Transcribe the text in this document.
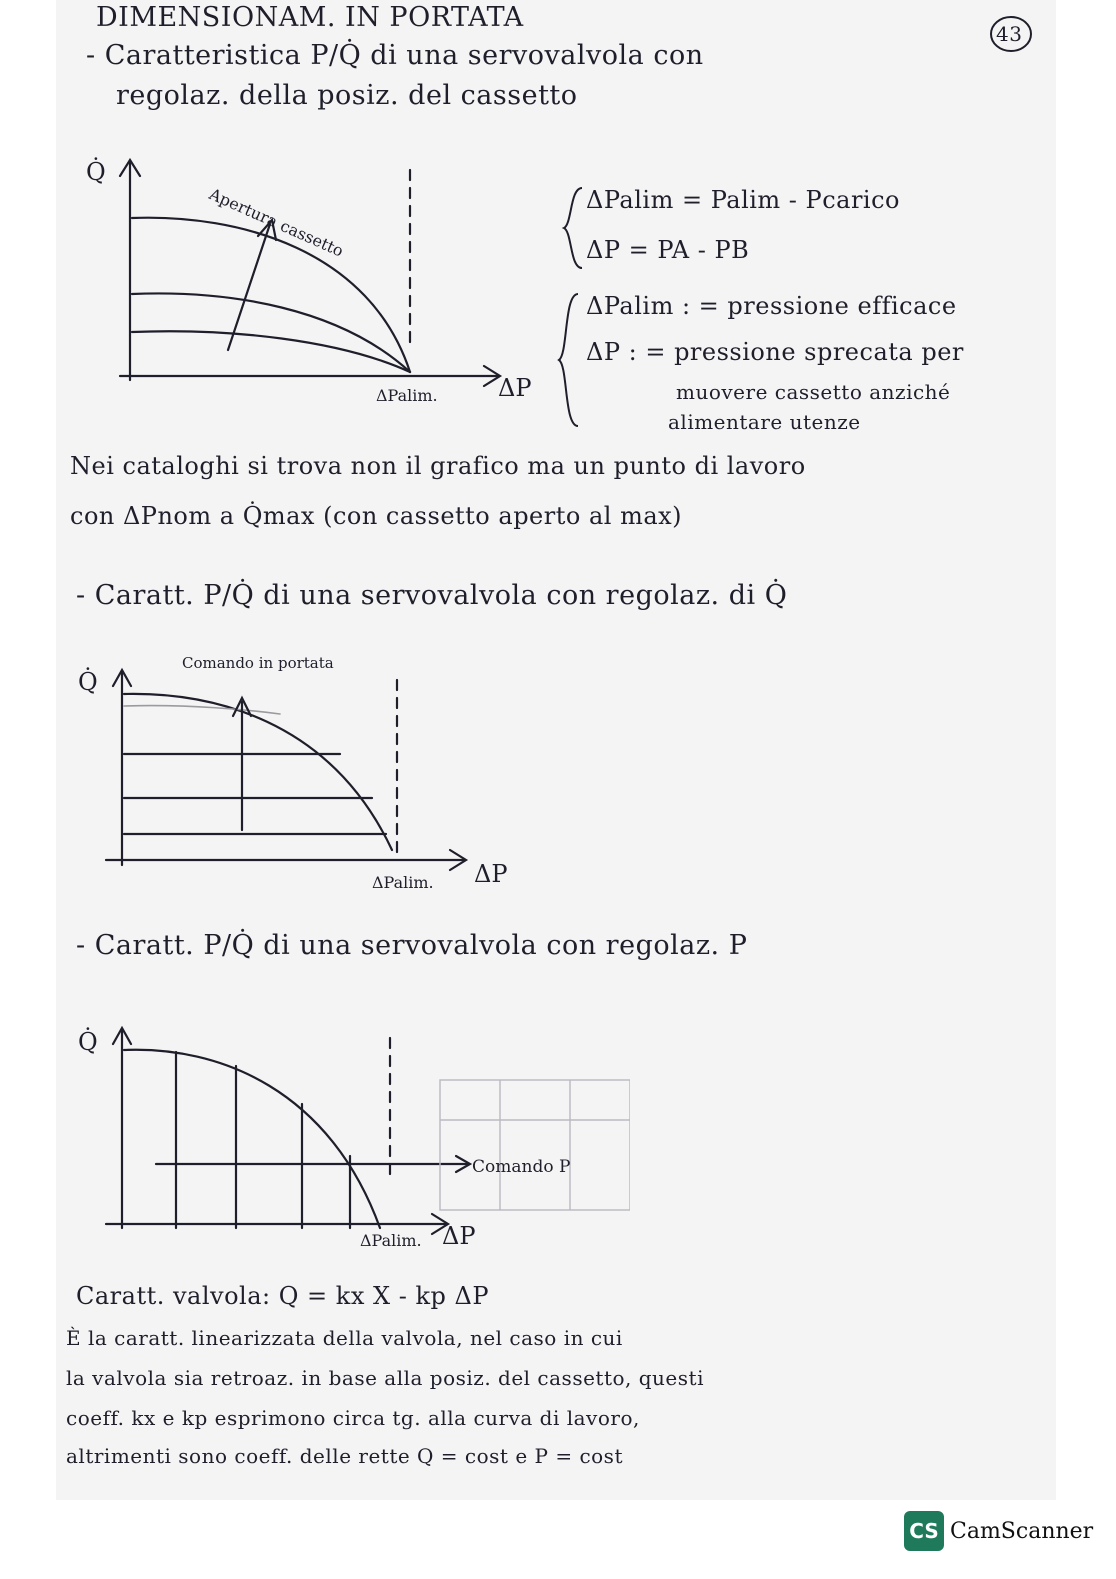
43
DIMENSIONAM. IN PORTATA
- Caratteristica P/Q̇ di una servovalvola con
regolaz. della posiz. del cassetto
Q̇
ΔP
ΔPalim.
Apertura cassetto	ΔPalim = Palim - Pcarico
ΔP = PA - PB
ΔPalim : = pressione efficace
ΔP : = pressione sprecata per
muovere cassetto anziché
alimentare utenze
Nei cataloghi si trova non il grafico ma un punto di lavoro
con ΔPnom a Q̇max (con cassetto aperto al max)
- Caratt. P/Q̇ di una servovalvola con regolaz. di Q̇
Q̇
ΔP
ΔPalim.
Comando in portata
- Caratt. P/Q̇ di una servovalvola con regolaz. P
Q̇
ΔP
ΔPalim.
Comando P
Caratt. valvola: Q = kx X - kp ΔP
È la caratt. linearizzata della valvola, nel caso in cui
la valvola sia retroaz. in base alla posiz. del cassetto, questi
coeff. kx e kp esprimono circa tg. alla curva di lavoro,
altrimenti sono coeff. delle rette Q = cost e P = cost
CS CamScanner
